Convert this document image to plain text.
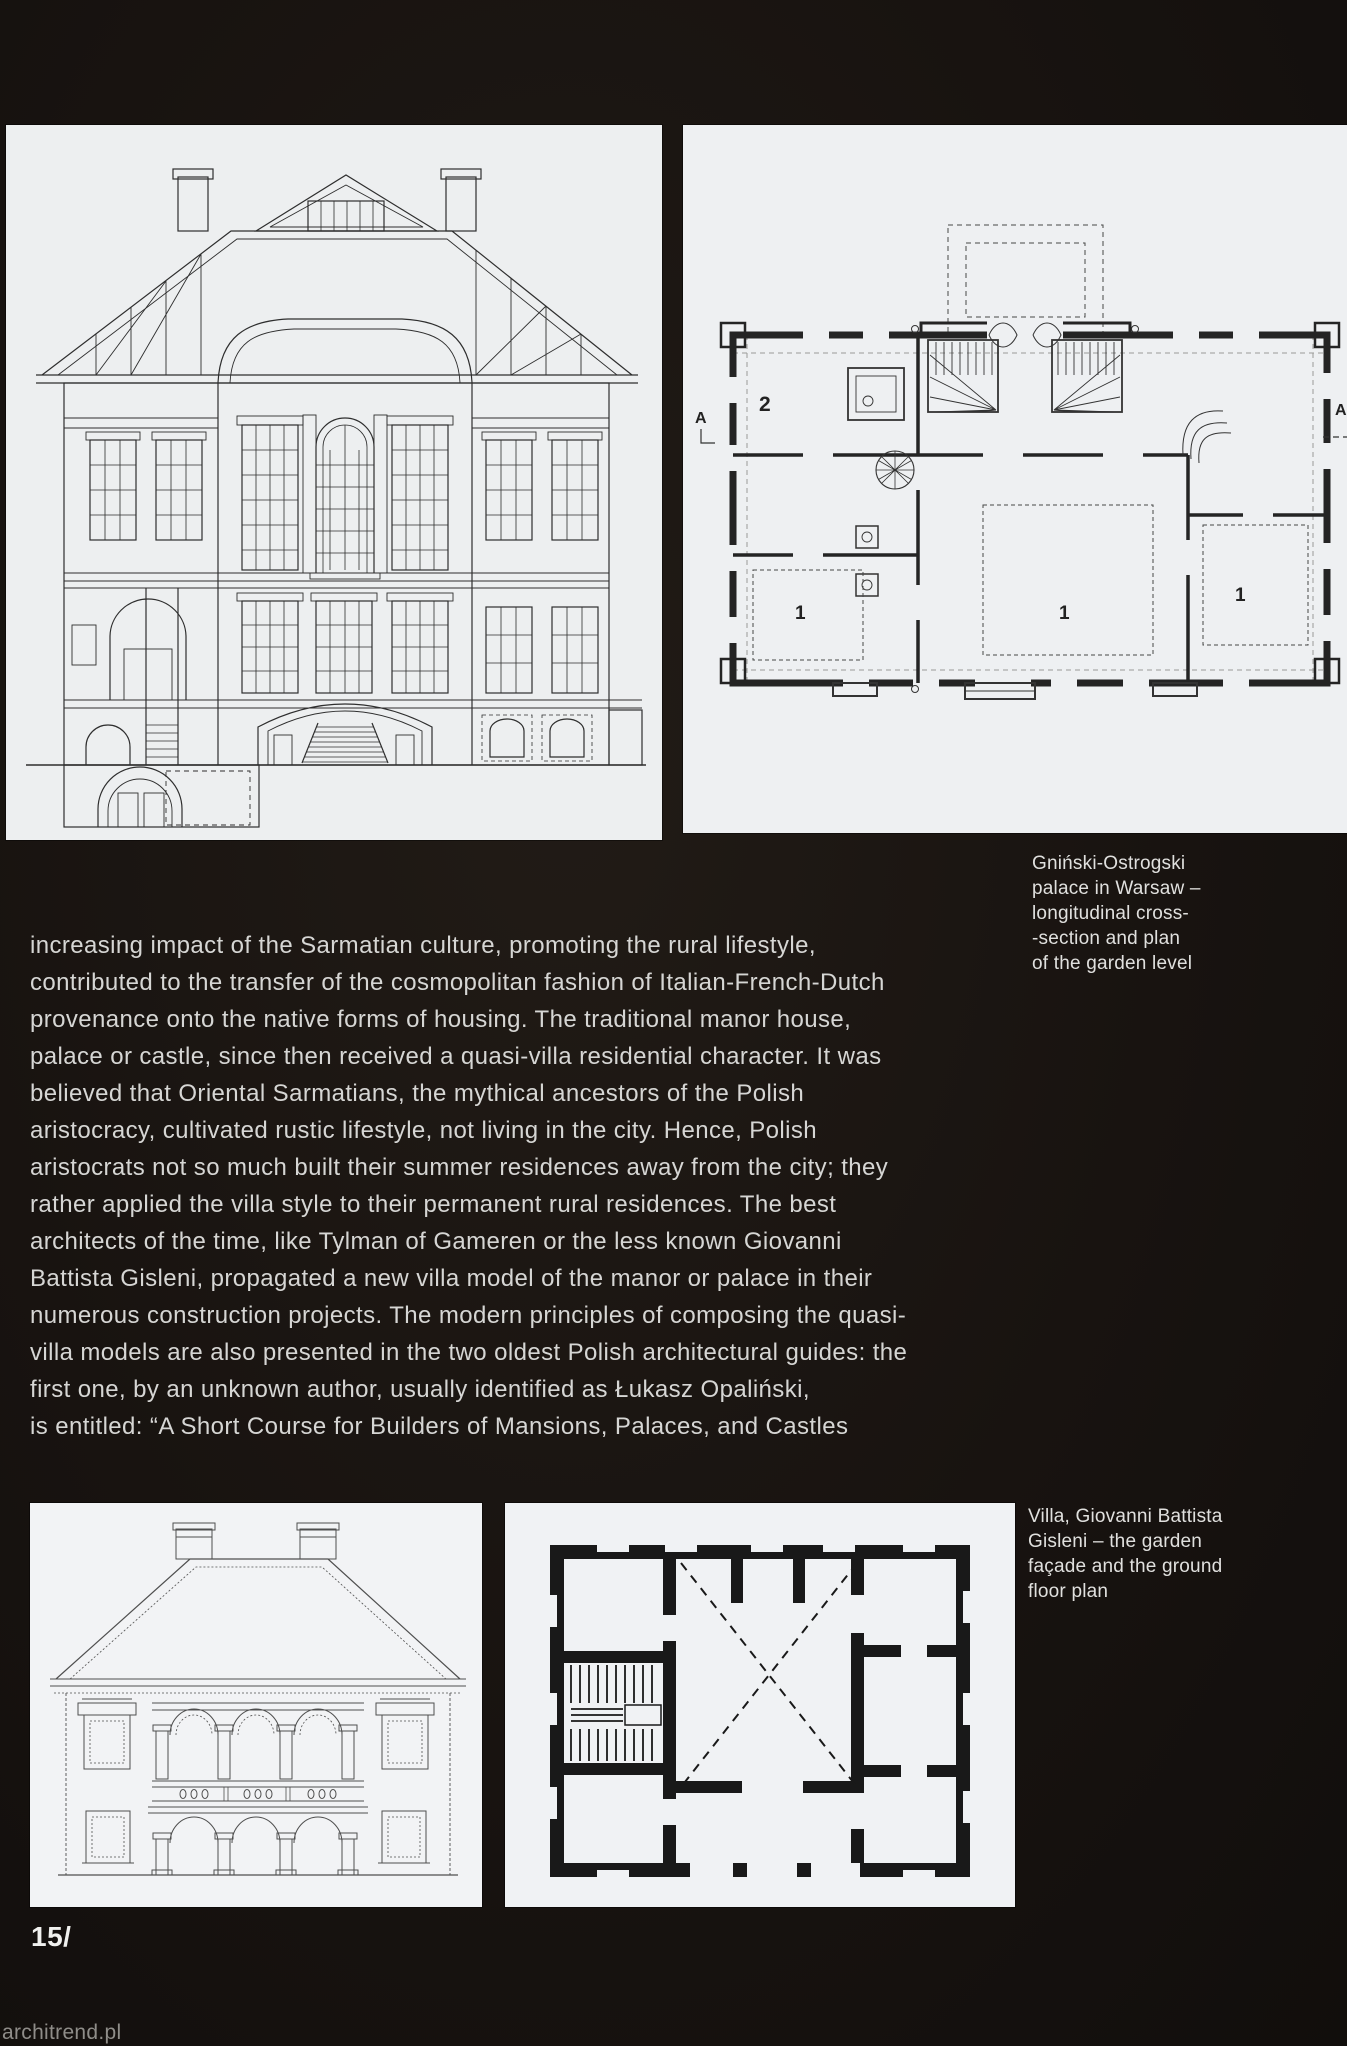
2
1	1
1
A	A
Gniński-Ostrogski
palace in Warsaw –
longitudinal cross-
-section and plan
of the garden level
increasing impact of the Sarmatian culture, promoting the rural lifestyle,
contributed to the transfer of the cosmopolitan fashion of Italian-French-Dutch
provenance onto the native forms of housing. The traditional manor house,
palace or castle, since then received a quasi-villa residential character. It was
believed that Oriental Sarmatians, the mythical ancestors of the Polish
aristocracy, cultivated rustic lifestyle, not living in the city. Hence, Polish
aristocrats not so much built their summer residences away from the city; they
rather applied the villa style to their permanent rural residences. The best
architects of the time, like Tylman of Gameren or the less known Giovanni
Battista Gisleni, propagated a new villa model of the manor or palace in their
numerous construction projects. The modern principles of composing the quasi-
villa models are also presented in the two oldest Polish architectural guides: the
first one, by an unknown author, usually identified as Łukasz Opaliński,
is entitled: “A Short Course for Builders of Mansions, Palaces, and Castles
Villa, Giovanni Battista
Gisleni – the garden
façade and the ground
floor plan
15/
architrend.pl
